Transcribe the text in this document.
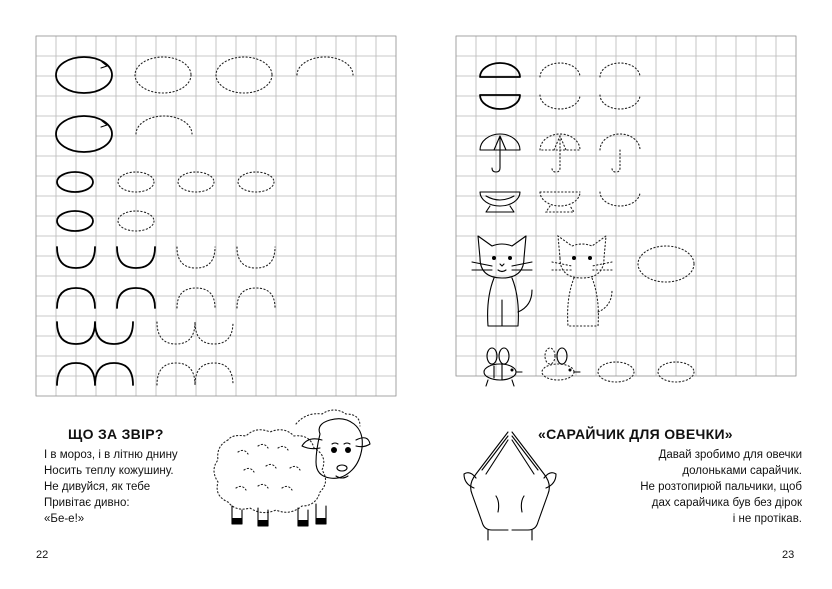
ЩО ЗА ЗВІР?
І в мороз, і в літню днину
Носить теплу кожушину.
Не дивуйся, як тебе
Привітає дивно:
«Бе-е!»
22
«САРАЙЧИК ДЛЯ ОВЕЧКИ»
Давай зробимо для овечки
долоньками сарайчик.
Не розтопирюй пальчики, щоб
дах сарайчика був без дірок
і не протікав.
23
